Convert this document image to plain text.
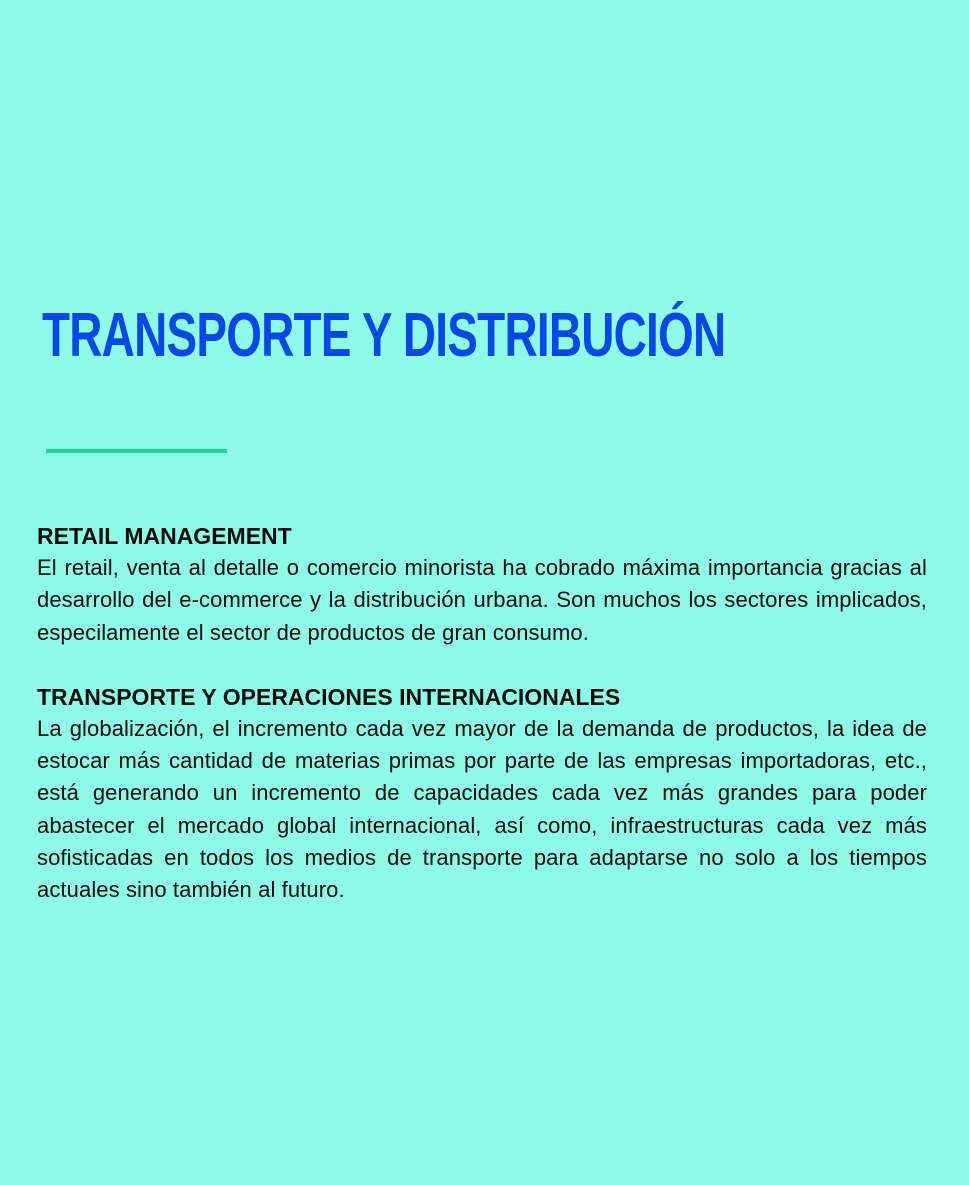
TRANSPORTE Y DISTRIBUCIÓN
RETAIL MANAGEMENT

El retail, venta al detalle o comercio minorista ha cobrado máxima importancia gracias al desarrollo del e-commerce y la distribución urbana. Son muchos los sectores implicados, especilamente el sector de productos de gran consumo.

TRANSPORTE Y OPERACIONES INTERNACIONALES

La globalización, el incremento cada vez mayor de la demanda de productos, la idea de estocar más cantidad de materias primas por parte de las empresas importadoras, etc., está generando un incremento de capacidades cada vez más grandes para poder abastecer el mercado global internacional, así como, infraestructuras cada vez más sofisticadas en todos los medios de transporte para adaptarse no solo a los tiempos actuales sino también al futuro.
